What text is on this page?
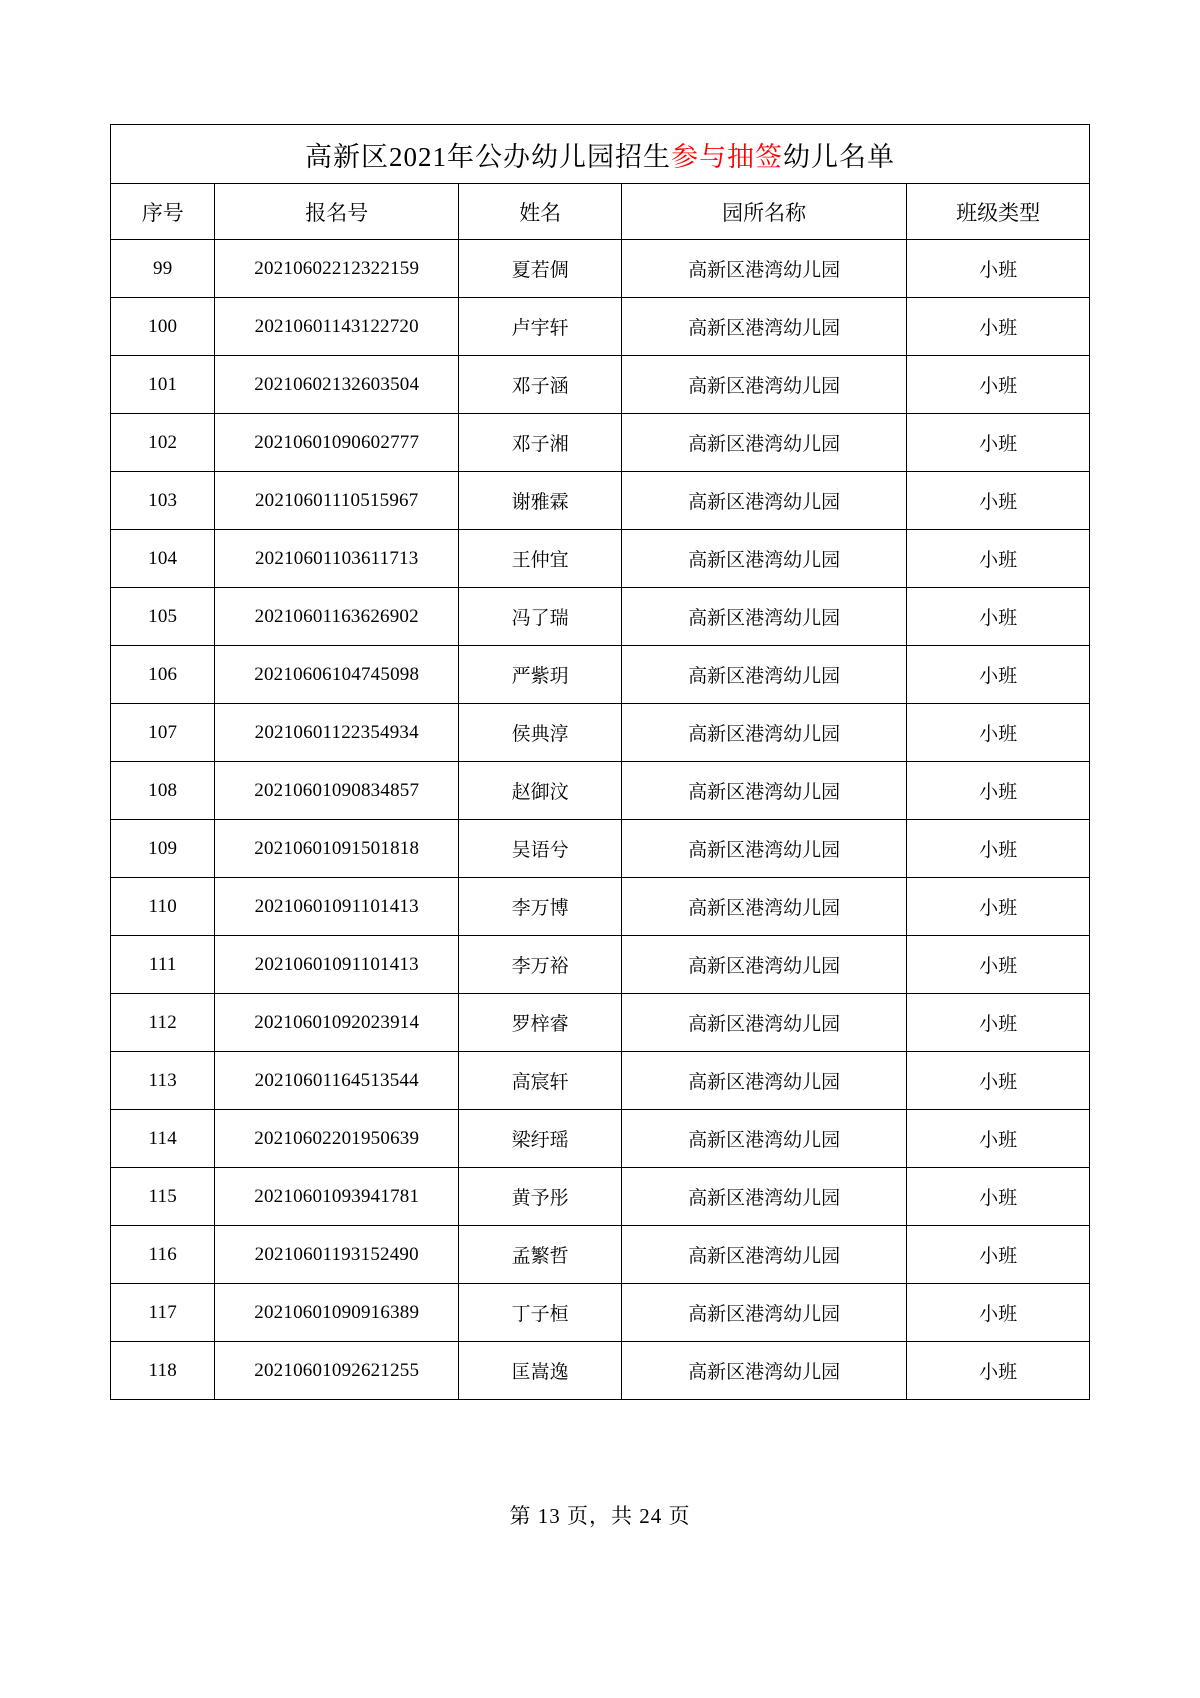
高新区2021年公办幼儿园招生参与抽签幼儿名单				
序号	报名号	姓名	园所名称	班级类型
99	20210602212322159	夏若倜	高新区港湾幼儿园	小班
100	20210601143122720	卢宇轩	高新区港湾幼儿园	小班
101	20210602132603504	邓子涵	高新区港湾幼儿园	小班
102	20210601090602777	邓子湘	高新区港湾幼儿园	小班
103	20210601110515967	谢雅霖	高新区港湾幼儿园	小班
104	20210601103611713	王仲宜	高新区港湾幼儿园	小班
105	20210601163626902	冯了瑞	高新区港湾幼儿园	小班
106	20210606104745098	严紫玥	高新区港湾幼儿园	小班
107	20210601122354934	侯典淳	高新区港湾幼儿园	小班
108	20210601090834857	赵御汶	高新区港湾幼儿园	小班
109	20210601091501818	吴语兮	高新区港湾幼儿园	小班
110	20210601091101413	李万博	高新区港湾幼儿园	小班
111	20210601091101413	李万裕	高新区港湾幼儿园	小班
112	20210601092023914	罗梓睿	高新区港湾幼儿园	小班
113	20210601164513544	高宸轩	高新区港湾幼儿园	小班
114	20210602201950639	梁纡瑶	高新区港湾幼儿园	小班
115	20210601093941781	黄予彤	高新区港湾幼儿园	小班
116	20210601193152490	孟繁哲	高新区港湾幼儿园	小班
117	20210601090916389	丁子桓	高新区港湾幼儿园	小班
118	20210601092621255	匡嵩逸	高新区港湾幼儿园	小班
第 13 页，共 24 页
